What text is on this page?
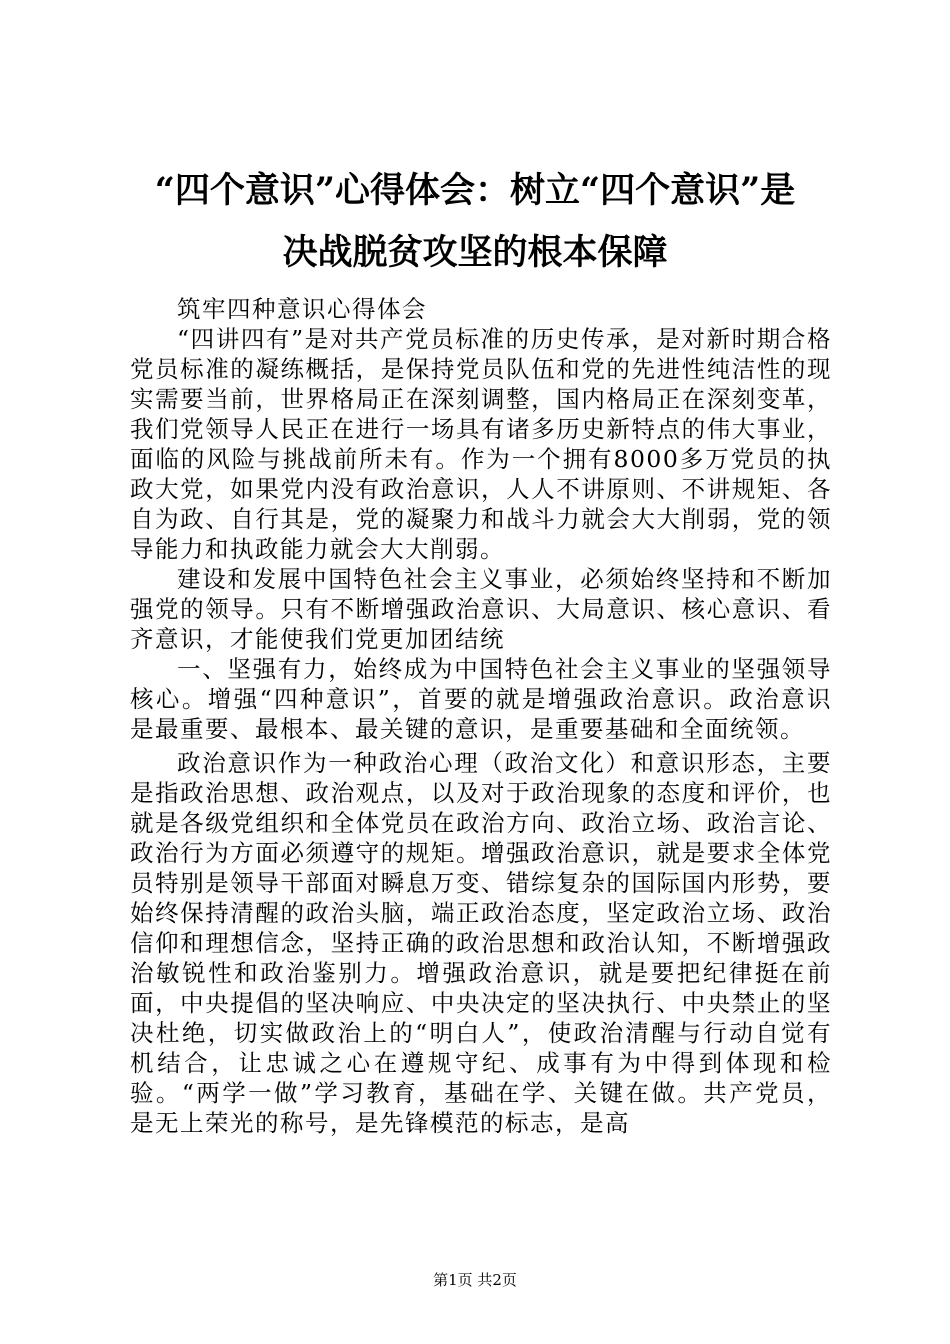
“四个意识”心得体会：树立“四个意识”是
决战脱贫攻坚的根本保障

筑牢四种意识心得体会

“四讲四有”是对共产党员标准的历史传承，是对新时期合格党员标准的凝练概括，是保持党员队伍和党的先进性纯洁性的现实需要当前，世界格局正在深刻调整，国内格局正在深刻变革，我们党领导人民正在进行一场具有诸多历史新特点的伟大事业，面临的风险与挑战前所未有。作为一个拥有8000多万党员的执政大党，如果党内没有政治意识，人人不讲原则、不讲规矩、各自为政、自行其是，党的凝聚力和战斗力就会大大削弱，党的领导能力和执政能力就会大大削弱。

建设和发展中国特色社会主义事业，必须始终坚持和不断加强党的领导。只有不断增强政治意识、大局意识、核心意识、看齐意识，才能使我们党更加团结统

一、坚强有力，始终成为中国特色社会主义事业的坚强领导核心。增强“四种意识”，首要的就是增强政治意识。政治意识是最重要、最根本、最关键的意识，是重要基础和全面统领。

政治意识作为一种政治心理（政治文化）和意识形态，主要是指政治思想、政治观点，以及对于政治现象的态度和评价，也就是各级党组织和全体党员在政治方向、政治立场、政治言论、政治行为方面必须遵守的规矩。增强政治意识，就是要求全体党员特别是领导干部面对瞬息万变、错综复杂的国际国内形势，要始终保持清醒的政治头脑，端正政治态度，坚定政治立场、政治信仰和理想信念，坚持正确的政治思想和政治认知，不断增强政治敏锐性和政治鉴别力。增强政治意识，就是要把纪律挺在前面，中央提倡的坚决响应、中央决定的坚决执行、中央禁止的坚决杜绝，切实做政治上的“明白人”，使政治清醒与行动自觉有机结合，让忠诚之心在遵规守纪、成事有为中得到体现和检验。“两学一做”学习教育，基础在学、关键在做。共产党员，是无上荣光的称号，是先锋模范的标志，是高

第1页 共2页
